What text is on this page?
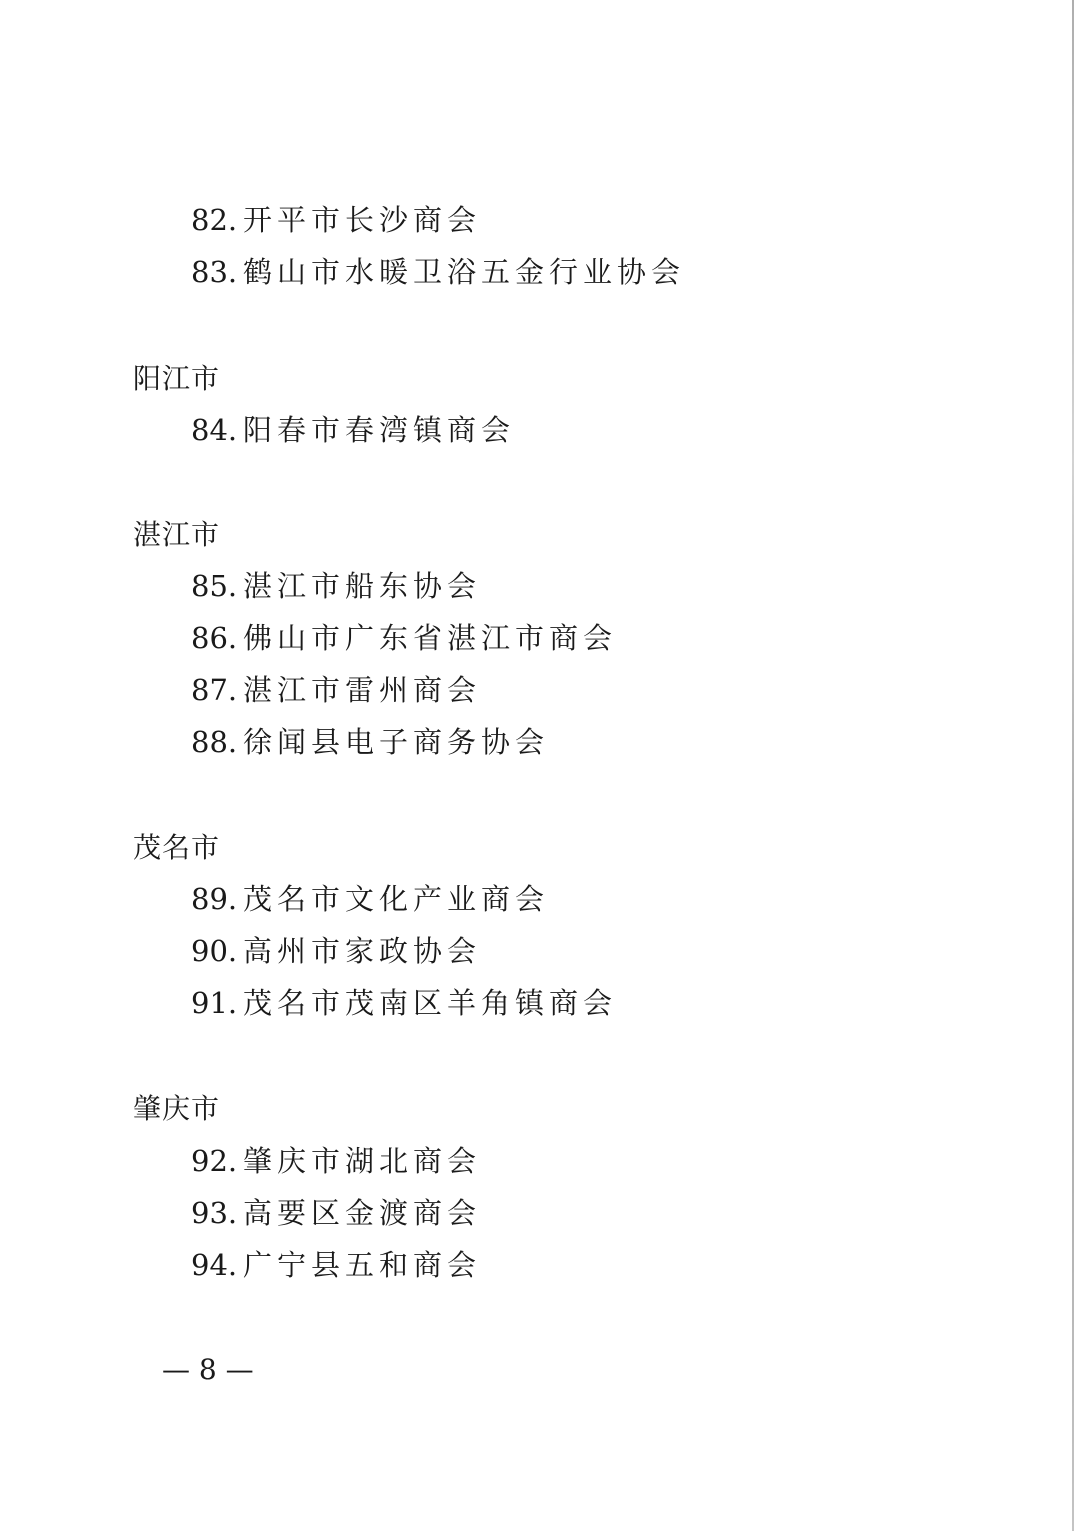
82. 开平市长沙商会
83. 鹤山市水暖卫浴五金行业协会
阳江市
84. 阳春市春湾镇商会
湛江市
85. 湛江市船东协会
86. 佛山市广东省湛江市商会
87. 湛江市雷州商会
88. 徐闻县电子商务协会
茂名市
89. 茂名市文化产业商会
90. 高州市家政协会
91. 茂名市茂南区羊角镇商会
肇庆市
92. 肇庆市湖北商会
93. 高要区金渡商会
94. 广宁县五和商会
— 8 —
